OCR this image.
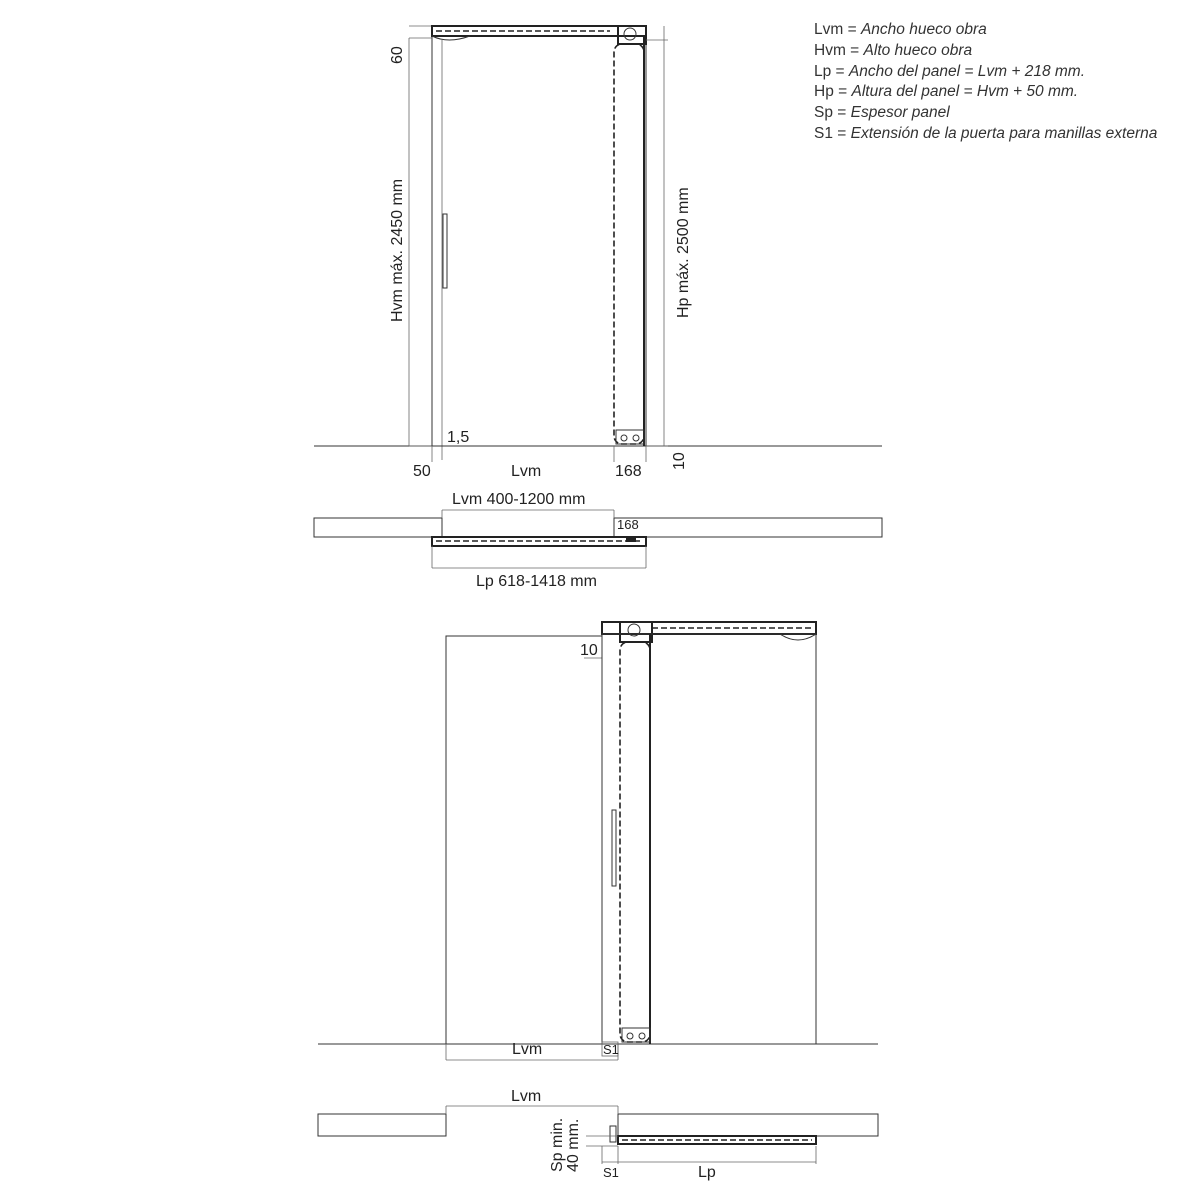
Lvm = Ancho hueco obra
Hvm = Alto hueco obra
Lp = Ancho del panel = Lvm + 218 mm.
Hp = Altura del panel = Hvm + 50 mm.
Sp = Espesor panel
S1 = Extensión de la puerta para manillas externa
60
Hvm máx. 2450 mm	Hp máx. 2500 mm
1,5
50	Lvm	168
10
Lvm 400-1200 mm
168
Lp 618-1418 mm
10
Lvm	S1
Lvm
Sp min. 40 mm.
S1	Lp
